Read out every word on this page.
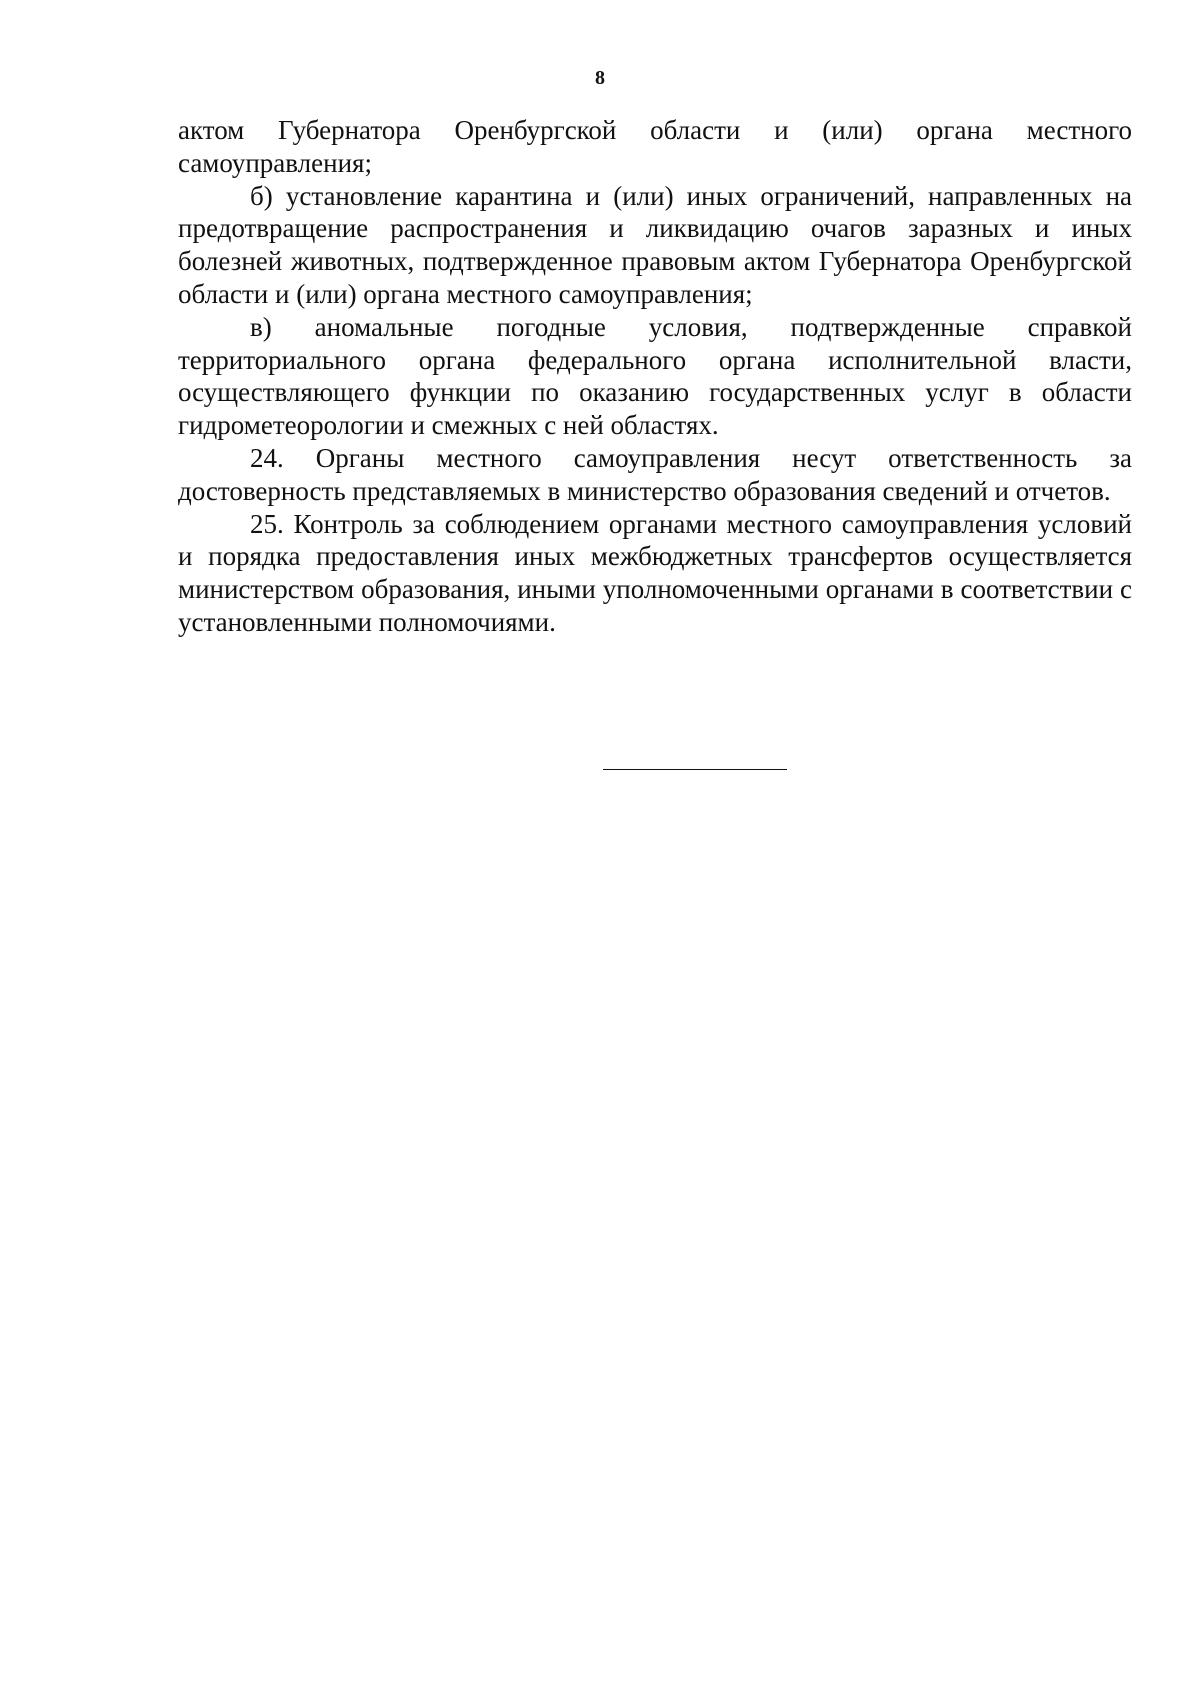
8

актом Губернатора Оренбургской области и (или) органа местного самоуправления;

б) установление карантина и (или) иных ограничений, направленных на предотвращение распространения и ликвидацию очагов заразных и иных болезней животных, подтвержденное правовым актом Губернатора Оренбургской области и (или) органа местного самоуправления;

в) аномальные погодные условия, подтвержденные справкой территориального органа федерального органа исполнительной власти, осуществляющего функции по оказанию государственных услуг в области гидрометеорологии и смежных с ней областях.

24. Органы местного самоуправления несут ответственность за достоверность представляемых в министерство образования сведений и отчетов.

25. Контроль за соблюдением органами местного самоуправления условий и порядка предоставления иных межбюджетных трансфертов осуществляется министерством образования, иными уполномоченными органами в соответствии с установленными полномочиями.
